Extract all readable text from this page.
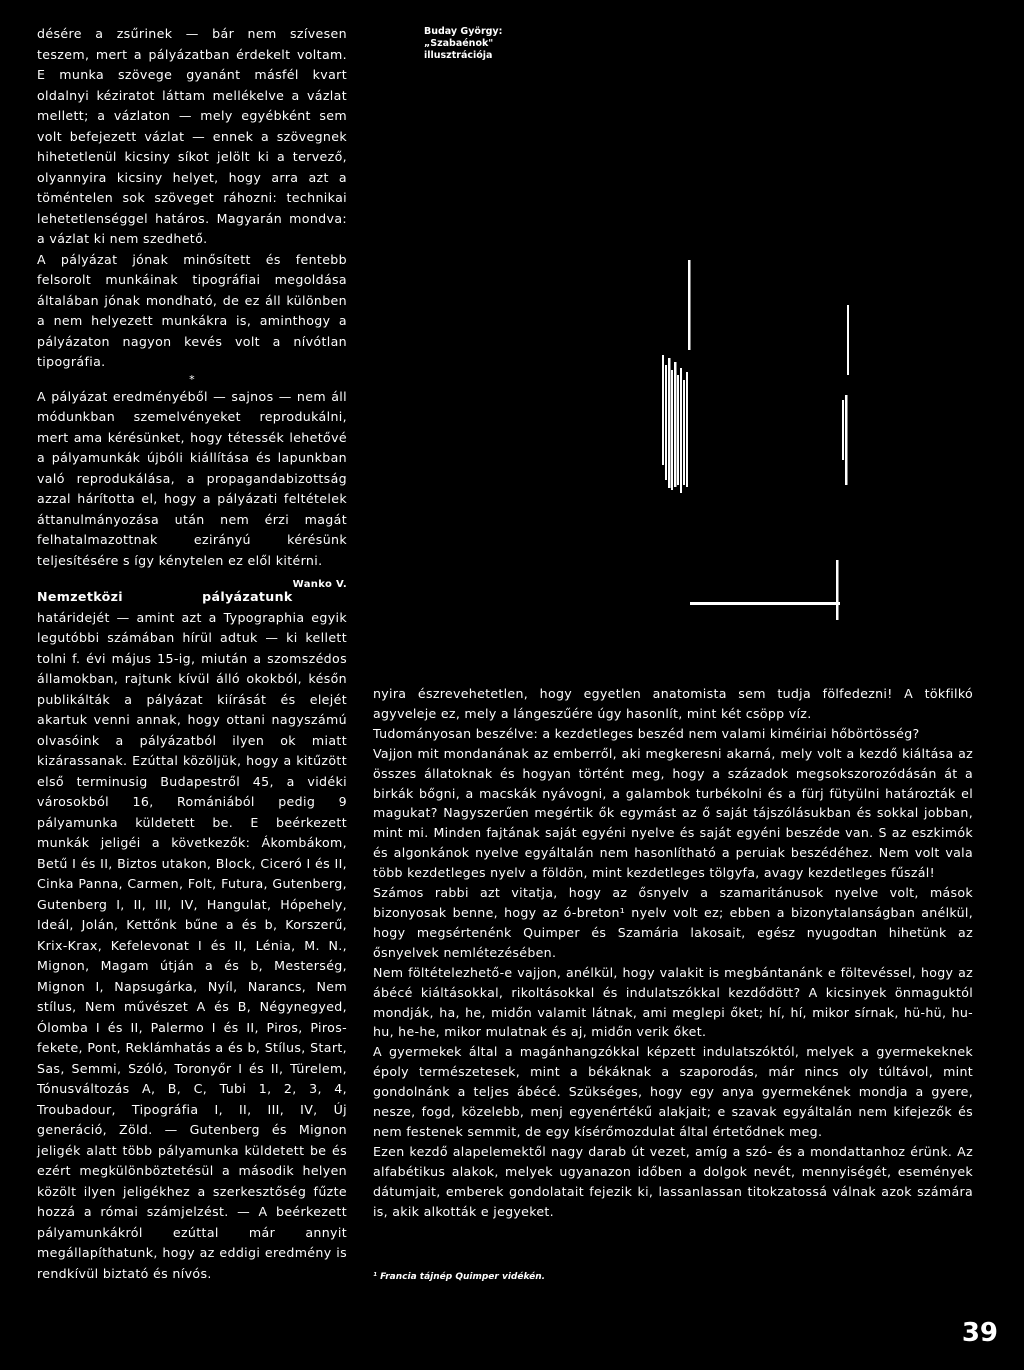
désére a zsűrinek — bár nem szívesen teszem, mert a pályázatban érdekelt voltam. E munka szövege gyanánt másfél kvart oldalnyi kéziratot láttam mellékelve a vázlat mellett; a vázlaton — mely egyébként sem volt befejezett vázlat — ennek a szövegnek hihetetlenül kicsiny síkot jelölt ki a tervező, olyannyira kicsiny helyet, hogy arra azt a töméntelen sok szöveget ráhozni: technikai lehetetlenséggel határos. Magyarán mondva: a vázlat ki nem szedhető.

A pályázat jónak minősített és fentebb felsorolt munkáinak tipográfiai megoldása általában jónak mondható, de ez áll különben a nem helyezett munkákra is, aminthogy a pályázaton nagyon kevés volt a nívótlan tipográfia.

*

A pályázat eredményéből — sajnos — nem áll módunkban szemelvényeket reprodukálni, mert ama kérésünket, hogy tétessék lehetővé a pályamunkák újbóli kiállítása és lapunkban való reprodukálása, a propagandabizottság azzal hárította el, hogy a pályázati feltételek áttanulmányozása után nem érzi magát felhatalmazottnak ezirányú kérésünk teljesítésére s így kénytelen ez elől kitérni.
Wanko V.

Nemzetközi pályázatunk határidejét — amint azt a Typographia egyik legutóbbi számában hírül adtuk — ki kellett tolni f. évi május 15-ig, miután a szomszédos államokban, rajtunk kívül álló okokból, későn publikálták a pályázat kiírását és elejét akartuk venni annak, hogy ottani nagyszámú olvasóink a pályázatból ilyen ok miatt kizárassanak. Ezúttal közöljük, hogy a kitűzött első terminusig Budapestről 45, a vidéki városokból 16, Romániából pedig 9 pályamunka küldetett be. E beérkezett munkák jeligéi a következők: Ákombákom, Betű I és II, Biztos utakon, Block, Ciceró I és II, Cinka Panna, Carmen, Folt, Futura, Gutenberg, Gutenberg I, II, III, IV, Hangulat, Hópehely, Ideál, Jolán, Kettőnk bűne a és b, Korszerű, Krix-Krax, Kefelevonat I és II, Lénia, M. N., Mignon, Magam útján a és b, Mesterség, Mignon I, Napsugárka, Nyíl, Narancs, Nem stílus, Nem művészet A és B, Négynegyed, Ólomba I és II, Palermo I és II, Piros, Piros-fekete, Pont, Reklámhatás a és b, Stílus, Start, Sas, Semmi, Szóló, Toronyőr I és II, Türelem, Tónusváltozás A, B, C, Tubi 1, 2, 3, 4, Troubadour, Tipográfia I, II, III, IV, Új generáció, Zöld. — Gutenberg és Mignon jeligék alatt több pályamunka küldetett be és ezért megkülönböztetésül a második helyen közölt ilyen jeligékhez a szerkesztőség fűzte hozzá a római számjelzést. — A beérkezett pályamunkákról ezúttal már annyit megállapíthatunk, hogy az eddigi eredmény is rendkívül biztató és nívós.

Buday György:
„Szabaénok"
illusztrációja

nyira észrevehetetlen, hogy egyetlen anatomista sem tudja fölfedezni! A tökfilkó agyveleje ez, mely a lángeszűére úgy hasonlít, mint két csöpp víz.

Tudományosan beszélve: a kezdetleges beszéd nem valami kiméiriai hőbörtösség?

Vajjon mit mondanának az emberről, aki megkeresni akarná, mely volt a kezdő kiáltása az összes állatoknak és hogyan történt meg, hogy a századok megsokszorozódásán át a birkák bőgni, a macskák nyávogni, a galambok turbékolni és a fürj fütyülni határozták el magukat? Nagyszerűen megértik ők egymást az ő saját tájszólásukban és sokkal jobban, mint mi. Minden fajtának saját egyéni nyelve és saját egyéni beszéde van. S az eszkimók és algonkánok nyelve egyáltalán nem hasonlítható a peruiak beszédéhez. Nem volt vala több kezdetleges nyelv a földön, mint kezdetleges tölgyfa, avagy kezdetleges fűszál!

Számos rabbi azt vitatja, hogy az ősnyelv a szamaritánusok nyelve volt, mások bizonyosak benne, hogy az ó-breton¹ nyelv volt ez; ebben a bizonytalanságban anélkül, hogy megsértenénk Quimper és Szamária lakosait, egész nyugodtan hihetünk az ősnyelvek nemlétezésében.

Nem föltételezhető-e vajjon, anélkül, hogy valakit is megbántanánk e föltevéssel, hogy az ábécé kiáltásokkal, rikoltásokkal és indulatszókkal kezdődött? A kicsinyek önmaguktól mondják, ha, he, midőn valamit látnak, ami meglepi őket; hí, hí, mikor sírnak, hü-hü, hu-hu, he-he, mikor mulatnak és aj, midőn verik őket.

A gyermekek által a magánhangzókkal képzett indulatszóktól, melyek a gyermekeknek époly természetesek, mint a békáknak a szaporodás, már nincs oly túltávol, mint gondolnánk a teljes ábécé. Szükséges, hogy egy anya gyermekének mondja a gyere, nesze, fogd, közelebb, menj egyenértékű alakjait; e szavak egyáltalán nem kifejezők és nem festenek semmit, de egy kísérőmozdulat által értetődnek meg.

Ezen kezdő alapelemektől nagy darab út vezet, amíg a szó- és a mondattanhoz érünk. Az alfabétikus alakok, melyek ugyanazon időben a dolgok nevét, mennyiségét, események dátumjait, emberek gondolatait fejezik ki, lassanlassan titokzatossá válnak azok számára is, akik alkották e jegyeket.

¹ Francia tájnép Quimper vidékén.
39
